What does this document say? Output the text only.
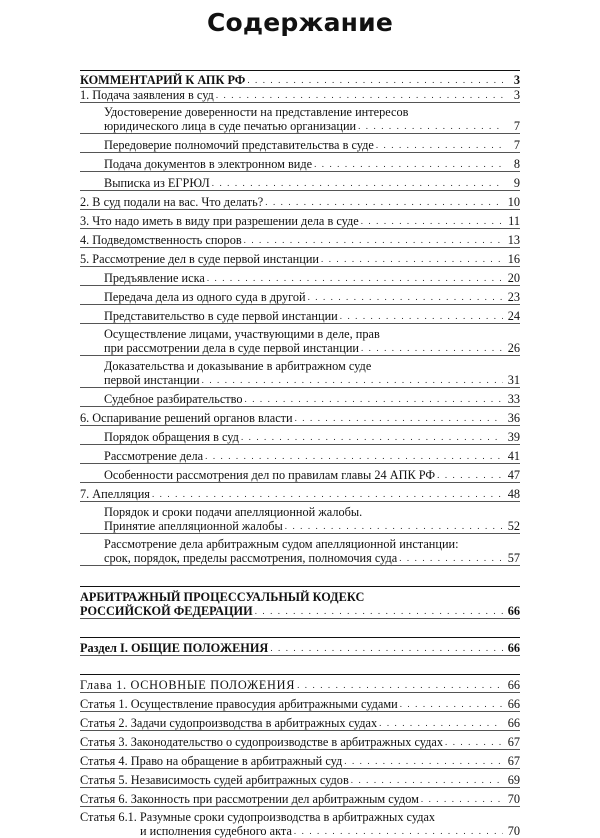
Содержание
КОММЕНТАРИЙ К АПК РФ . . .	3
1. Подача заявления в суд . . .	3
Удостоверение доверенности на представление интересов
юридического лица в суде печатью организации . . .	7
Передоверие полномочий представительства в суде . . .	7
Подача документов в электронном виде . . .	8
Выписка из ЕГРЮЛ . . .	9
2. В суд подали на вас. Что делать? . . .	10
3. Что надо иметь в виду при разрешении дела в суде . . .	11
4. Подведомственность споров . . .	13
5. Рассмотрение дел в суде первой инстанции . . .	16
Предъявление иска . . .	20
Передача дела из одного суда в другой . . .	23
Представительство в суде первой инстанции . . .	24
Осуществление лицами, участвующими в деле, прав
при рассмотрении дела в суде первой инстанции . . .	26
Доказательства и доказывание в арбитражном суде
первой инстанции . . .	31
Судебное разбирательство . . .	33
6. Оспаривание решений органов власти . . .	36
Порядок обращения в суд . . .	39
Рассмотрение дела . . .	41
Особенности рассмотрения дел по правилам главы 24 АПК РФ . . .	47
7. Апелляция . . .	48
Порядок и сроки подачи апелляционной жалобы.
Принятие апелляционной жалобы . . .	52
Рассмотрение дела арбитражным судом апелляционной инстанции:
срок, порядок, пределы рассмотрения, полномочия суда . . .	57
АРБИТРАЖНЫЙ ПРОЦЕССУАЛЬНЫЙ КОДЕКС
РОССИЙСКОЙ ФЕДЕРАЦИИ . . .	66
Раздел I. ОБЩИЕ ПОЛОЖЕНИЯ . . .	66
Глава 1. ОСНОВНЫЕ ПОЛОЖЕНИЯ . . .	66
Статья 1. Осуществление правосудия арбитражными судами . . .	66
Статья 2. Задачи судопроизводства в арбитражных судах . . .	66
Статья 3. Законодательство о судопроизводстве в арбитражных судах . . .	67
Статья 4. Право на обращение в арбитражный суд . . .	67
Статья 5. Независимость судей арбитражных судов . . .	69
Статья 6. Законность при рассмотрении дел арбитражным судом . . .	70
Статья 6.1. Разумные сроки судопроизводства в арбитражных судах
и исполнения судебного акта . . .	70
